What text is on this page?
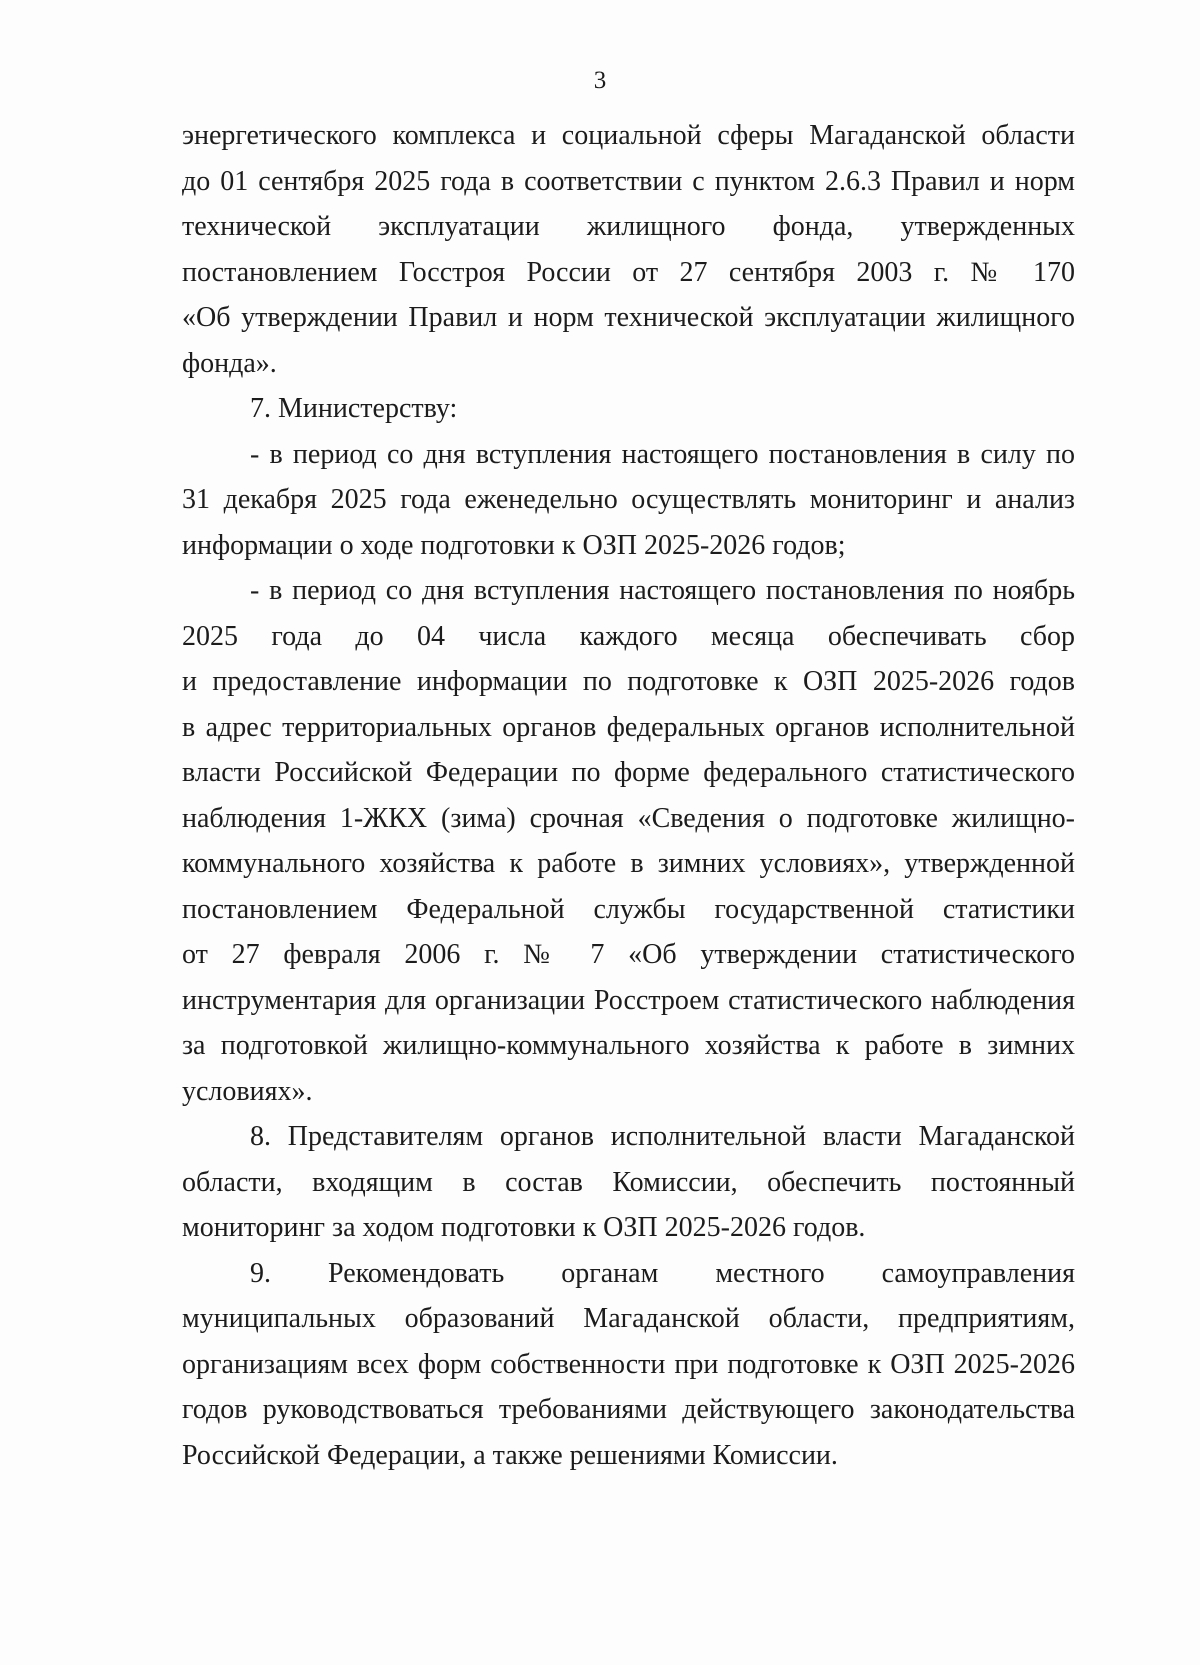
3
энергетического комплекса и социальной сферы Магаданской области
до 01 сентября 2025 года в соответствии с пунктом 2.6.3 Правил и норм
технической эксплуатации жилищного фонда, утвержденных
постановлением Госстроя России от 27 сентября 2003 г. № 170
«Об утверждении Правил и норм технической эксплуатации жилищного
фонда».
7. Министерству:
- в период со дня вступления настоящего постановления в силу по
31 декабря 2025 года еженедельно осуществлять мониторинг и анализ
информации о ходе подготовки к ОЗП 2025-2026 годов;
- в период со дня вступления настоящего постановления по ноябрь
2025 года до 04 числа каждого месяца обеспечивать сбор
и предоставление информации по подготовке к ОЗП 2025-2026 годов
в адрес территориальных органов федеральных органов исполнительной
власти Российской Федерации по форме федерального статистического
наблюдения 1-ЖКХ (зима) срочная «Сведения о подготовке жилищно-
коммунального хозяйства к работе в зимних условиях», утвержденной
постановлением Федеральной службы государственной статистики
от 27 февраля 2006 г. № 7 «Об утверждении статистического
инструментария для организации Росстроем статистического наблюдения
за подготовкой жилищно-коммунального хозяйства к работе в зимних
условиях».
8. Представителям органов исполнительной власти Магаданской
области, входящим в состав Комиссии, обеспечить постоянный
мониторинг за ходом подготовки к ОЗП 2025-2026 годов.
9. Рекомендовать органам местного самоуправления
муниципальных образований Магаданской области, предприятиям,
организациям всех форм собственности при подготовке к ОЗП 2025-2026
годов руководствоваться требованиями действующего законодательства
Российской Федерации, а также решениями Комиссии.
